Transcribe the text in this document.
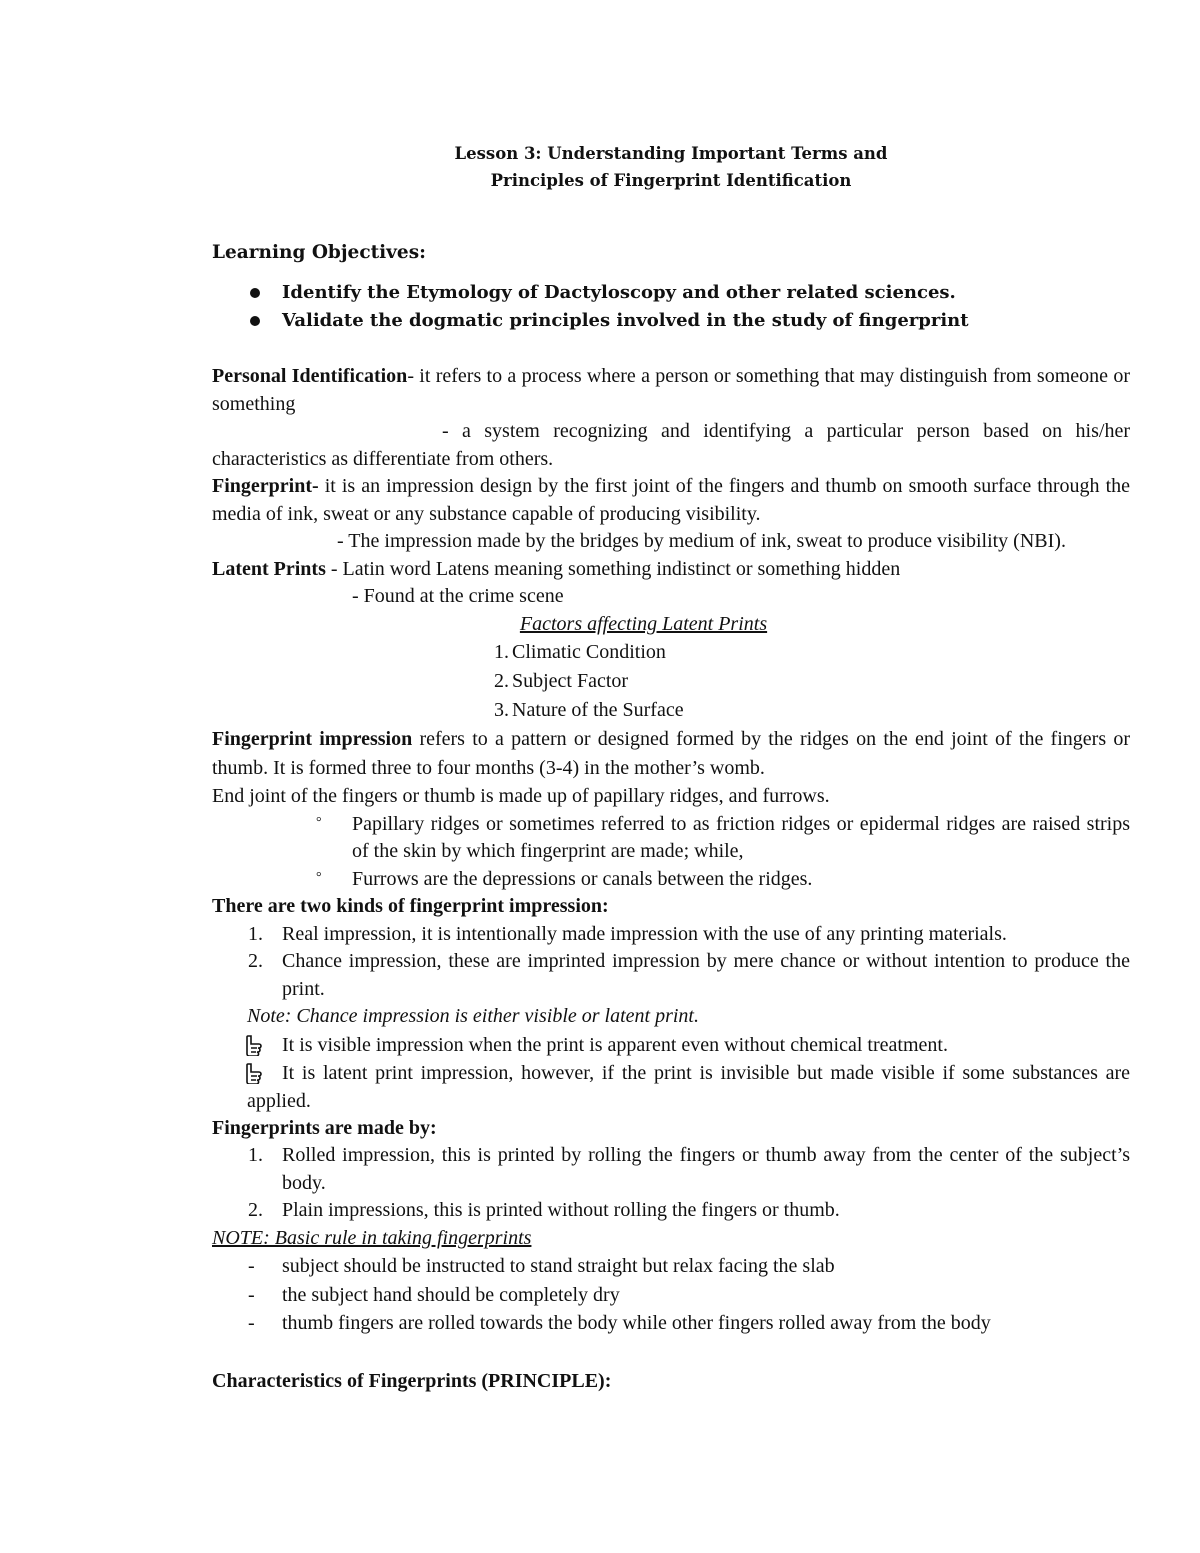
Lesson 3: Understanding Important Terms and
Principles of Fingerprint Identification
Learning Objectives:
Identify the Etymology of Dactyloscopy and other related sciences.
Validate the dogmatic principles involved in the study of fingerprint
Personal Identification- it refers to a process where a person or something that may distinguish from someone or something
- a system recognizing and identifying a particular person based on his/her characteristics as differentiate from others.
Fingerprint- it is an impression design by the first joint of the fingers and thumb on smooth surface through the media of ink, sweat or any substance capable of producing visibility.
- The impression made by the bridges by medium of ink, sweat to produce visibility (NBI).
Latent Prints - Latin word Latens meaning something indistinct or something hidden
- Found at the crime scene
Factors affecting Latent Prints
1. Climatic Condition
2. Subject Factor
3. Nature of the Surface
Fingerprint impression refers to a pattern or designed formed by the ridges on the end joint of the fingers or thumb. It is formed three to four months (3-4) in the mother’s womb.
End joint of the fingers or thumb is made up of papillary ridges, and furrows.
° Papillary ridges or sometimes referred to as friction ridges or epidermal ridges are raised strips of the skin by which fingerprint are made; while,
° Furrows are the depressions or canals between the ridges.
There are two kinds of fingerprint impression:
1. Real impression, it is intentionally made impression with the use of any printing materials.
2. Chance impression, these are imprinted impression by mere chance or without intention to produce the print.
Note: Chance impression is either visible or latent print.
It is visible impression when the print is apparent even without chemical treatment.
It is latent print impression, however, if the print is invisible but made visible if some substances are applied.
Fingerprints are made by:
1. Rolled impression, this is printed by rolling the fingers or thumb away from the center of the subject’s body.
2. Plain impressions, this is printed without rolling the fingers or thumb.
NOTE: Basic rule in taking fingerprints
- subject should be instructed to stand straight but relax facing the slab
- the subject hand should be completely dry
- thumb fingers are rolled towards the body while other fingers rolled away from the body
Characteristics of Fingerprints (PRINCIPLE):
